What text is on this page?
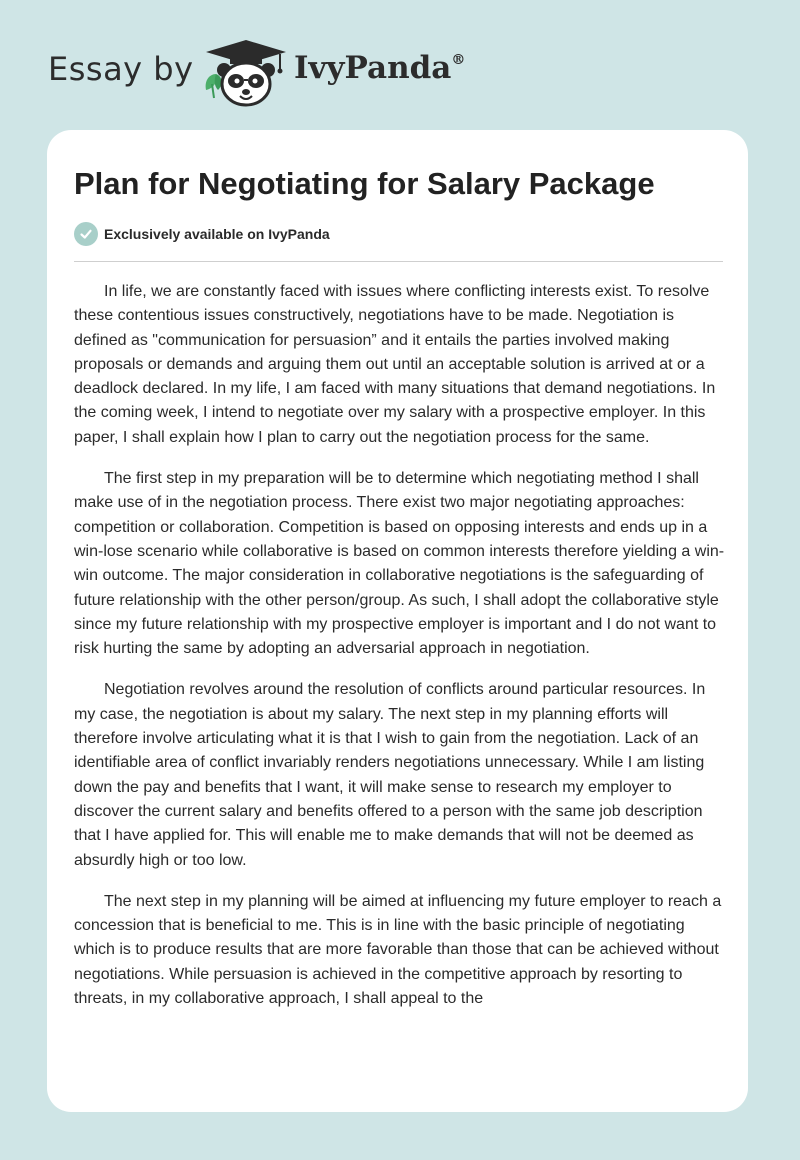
Essay by	IvyPanda®
Plan for Negotiating for Salary Package
Exclusively available on IvyPanda

In life, we are constantly faced with issues where conflicting interests exist. To resolve these contentious issues constructively, negotiations have to be made. Negotiation is defined as "communication for persuasion” and it entails the parties involved making proposals or demands and arguing them out until an acceptable solution is arrived at or a deadlock declared. In my life, I am faced with many situations that demand negotiations. In the coming week, I intend to negotiate over my salary with a prospective employer. In this paper, I shall explain how I plan to carry out the negotiation process for the same.

The first step in my preparation will be to determine which negotiating method I shall make use of in the negotiation process. There exist two major negotiating approaches: competition or collaboration. Competition is based on opposing interests and ends up in a win-lose scenario while collaborative is based on common interests therefore yielding a win-win outcome. The major consideration in collaborative negotiations is the safeguarding of future relationship with the other person/group. As such, I shall adopt the collaborative style since my future relationship with my prospective employer is important and I do not want to risk hurting the same by adopting an adversarial approach in negotiation.

Negotiation revolves around the resolution of conflicts around particular resources. In my case, the negotiation is about my salary. The next step in my planning efforts will therefore involve articulating what it is that I wish to gain from the negotiation. Lack of an identifiable area of conflict invariably renders negotiations unnecessary. While I am listing down the pay and benefits that I want, it will make sense to research my employer to discover the current salary and benefits offered to a person with the same job description that I have applied for. This will enable me to make demands that will not be deemed as absurdly high or too low.

The next step in my planning will be aimed at influencing my future employer to reach a concession that is beneficial to me. This is in line with the basic principle of negotiating which is to produce results that are more favorable than those that can be achieved without negotiations. While persuasion is achieved in the competitive approach by resorting to threats, in my collaborative approach, I shall appeal to the
